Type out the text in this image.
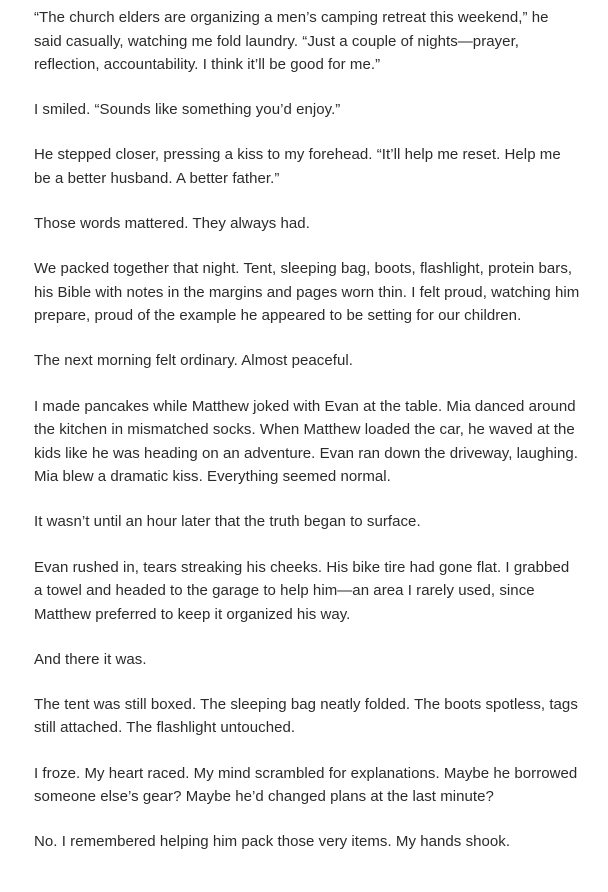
“The church elders are organizing a men’s camping retreat this weekend,” he said casually, watching me fold laundry. “Just a couple of nights—prayer, reflection, accountability. I think it’ll be good for me.”

I smiled. “Sounds like something you’d enjoy.”

He stepped closer, pressing a kiss to my forehead. “It’ll help me reset. Help me be a better husband. A better father.”

Those words mattered. They always had.

We packed together that night. Tent, sleeping bag, boots, flashlight, protein bars, his Bible with notes in the margins and pages worn thin. I felt proud, watching him prepare, proud of the example he appeared to be setting for our children.

The next morning felt ordinary. Almost peaceful.

I made pancakes while Matthew joked with Evan at the table. Mia danced around the kitchen in mismatched socks. When Matthew loaded the car, he waved at the kids like he was heading on an adventure. Evan ran down the driveway, laughing. Mia blew a dramatic kiss. Everything seemed normal.

It wasn’t until an hour later that the truth began to surface.

Evan rushed in, tears streaking his cheeks. His bike tire had gone flat. I grabbed a towel and headed to the garage to help him—an area I rarely used, since Matthew preferred to keep it organized his way.

And there it was.

The tent was still boxed. The sleeping bag neatly folded. The boots spotless, tags still attached. The flashlight untouched.

I froze. My heart raced. My mind scrambled for explanations. Maybe he borrowed someone else’s gear? Maybe he’d changed plans at the last minute?

No. I remembered helping him pack those very items. My hands shook.
